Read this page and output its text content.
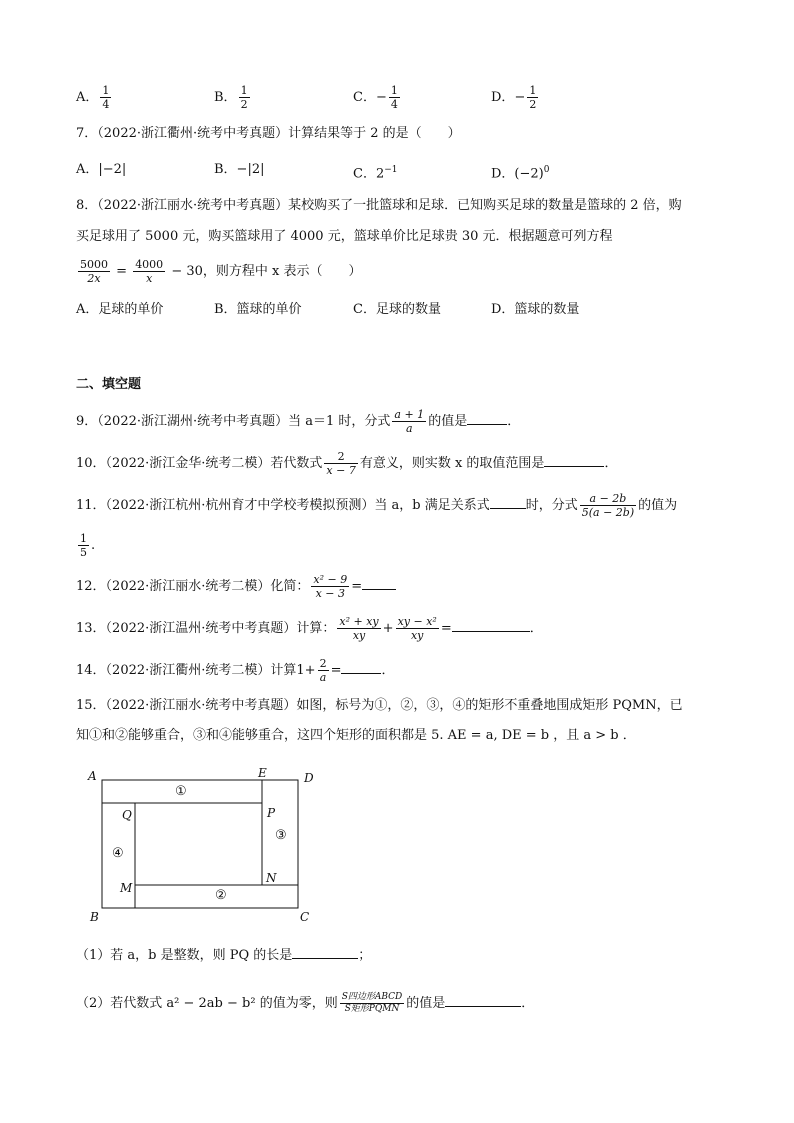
A． $\frac{1}{4}$	B． $\frac{1}{2}$	C．− $\frac{1}{4}$	D．− $\frac{1}{2}$
7．（2022·浙江衢州·统考中考真题）计算结果等于 2 的是（　　）
A．|−2|	B．−|2|	C．$2^{-1}$	D．$(-2)^0$
8．（2022·浙江丽水·统考中考真题）某校购买了一批篮球和足球．已知购买足球的数量是篮球的 2 倍，购
买足球用了 5000 元，购买篮球用了 4000 元，篮球单价比足球贵 30 元．根据题意可列方程
$\frac{5000}{2x} = \frac{4000}{x} - 30$，则方程中 x 表示（　　）
A．足球的单价	B．篮球的单价	C．足球的数量	D．篮球的数量
二、填空题
9．（2022·浙江湖州·统考中考真题）当 a＝1 时，分式 $\frac{a + 1}{a}$ 的值是	．
10．（2022·浙江金华·统考二模）若代数式 $\frac{2}{x - 7}$ 有意义，则实数 x 的取值范围是	．
11．（2022·浙江杭州·杭州育才中学校考模拟预测）当 a，b 满足关系式	时，分式 $\frac{a - 2b}{5(a - 2b)}$ 的值为
$\frac{1}{5}$ .
12．（2022·浙江丽水·统考二模）化简： $\frac{\text{x² − 9}}{x - 3}$ =
13．（2022·浙江温州·统考中考真题）计算： $\frac{\text{x² + xy}}{xy} + \frac{\text{xy − x²}}{xy}$ =	．
14．（2022·浙江衢州·统考二模）计算$1+ \frac{2}{a}$ =	．
15．（2022·浙江丽水·统考中考真题）如图，标号为①，②，③，④的矩形不重叠地围成矩形 PQMN，已
知①和②能够重合，③和④能够重合，这四个矩形的面积都是 5. AE = a, DE = b ，且 a > b ．
A	E	D
Q	P
M
N
B	C
①
②
③
④
（1）若 a，b 是整数，则 PQ 的长是	；
（2）若代数式 a² − 2ab − b² 的值为零，则 $\frac{\text{S四边形ABCD}}{\text{S矩形PQMN}}$ 的值是	．
